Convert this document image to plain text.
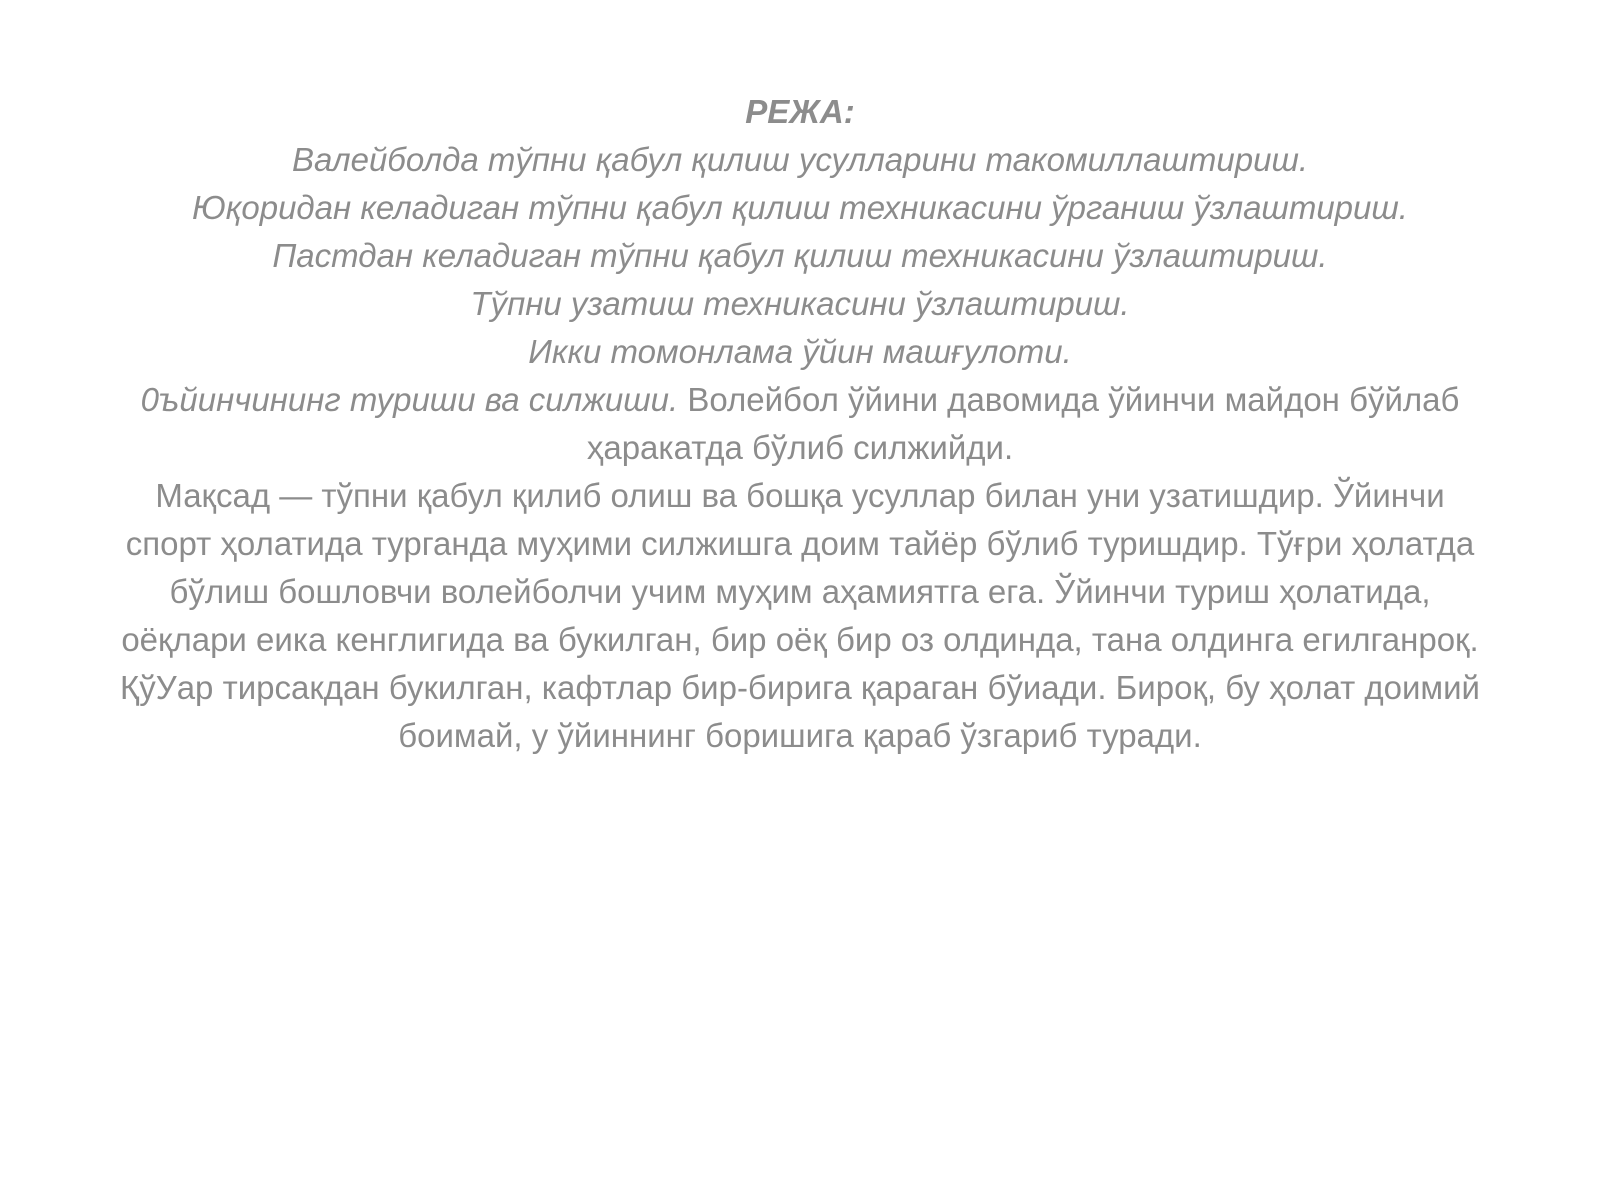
РЕЖА:
Валейболда тўпни қабул қилиш усулларини такомиллаштириш.
Юқоридан келадиган тўпни қабул қилиш техникасини ўрганиш ўзлаштириш.
Пастдан келадиган тўпни қабул қилиш техникасини ўзлаштириш.
Тўпни узатиш техникасини ўзлаштириш.
Икки томонлама ўйин машғулоти.
0ъйинчининг туриши ва силжиши. Волейбол ўйини давомида ўйинчи майдон бўйлаб ҳаракатда бўлиб силжийди.
Мақсад — тўпни қабул қилиб олиш ва бошқа усуллар билан уни узатишдир. Ўйинчи спорт ҳолатида турганда муҳими силжишга доим тайёр бўлиб туришдир. Тўғри ҳолатда бўлиш бошловчи волейболчи учим муҳим аҳамиятга ега. Ўйинчи туриш ҳолатида, оёқлари еика кенглигида ва букилган, бир оёқ бир оз олдинда, тана олдинга егилганроқ. ҚўУар тирсакдан букилган, кафтлар бир-бирига қараган бўиади. Бироқ, бу ҳолат доимий боимай, у ўйиннинг боришига қараб ўзгариб туради.
